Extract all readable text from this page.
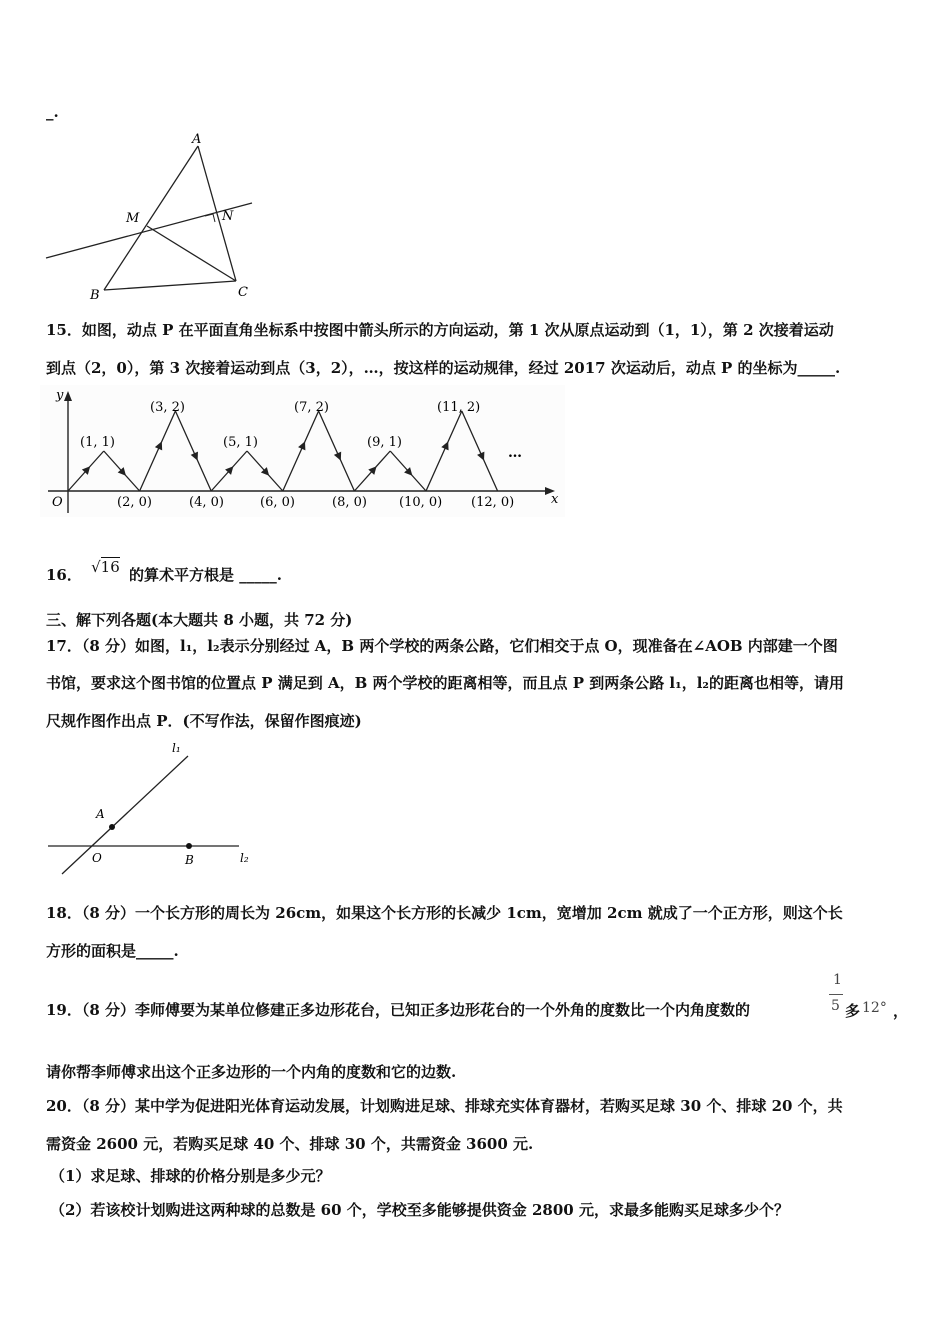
_.
A
M	N
B	C
15．如图，动点 P 在平面直角坐标系中按图中箭头所示的方向运动，第 1 次从原点运动到（1，1），第 2 次接着运动
到点（2，0），第 3 次接着运动到点（3，2），…，按这样的运动规律，经过 2017 次运动后，动点 P 的坐标为_____.
y
x
O
(1, 1)
(3, 2)
(5, 1)
(7, 2)
(9, 1)
(11, 2)
…
(2, 0)	(4, 0)	(6, 0)	(8, 0) (10, 0) (12, 0)
16． √16 的算术平方根是 _____.
三、解下列各题(本大题共 8 小题，共 72 分)
17．（8 分）如图，l₁，l₂表示分别经过 A，B 两个学校的两条公路，它们相交于点 O，现准备在∠AOB 内部建一个图
书馆，要求这个图书馆的位置点 P 满足到 A，B 两个学校的距离相等，而且点 P 到两条公路 l₁，l₂的距离也相等，请用
尺规作图作出点 P．(不写作法，保留作图痕迹)
l₁
l₂
A
O	B
18．（8 分）一个长方形的周长为 26cm，如果这个长方形的长减少 1cm，宽增加 2cm 就成了一个正方形，则这个长
方形的面积是_____.
19．（8 分）李师傅要为某单位修建正多边形花台，已知正多边形花台的一个外角的度数比一个内角度数的
1
5 多 12° ，
请你帮李师傅求出这个正多边形的一个内角的度数和它的边数.
20．（8 分）某中学为促进阳光体育运动发展，计划购进足球、排球充实体育器材，若购买足球 30 个、排球 20 个，共
需资金 2600 元，若购买足球 40 个、排球 30 个，共需资金 3600 元.
（1）求足球、排球的价格分别是多少元？
（2）若该校计划购进这两种球的总数是 60 个，学校至多能够提供资金 2800 元，求最多能购买足球多少个？
